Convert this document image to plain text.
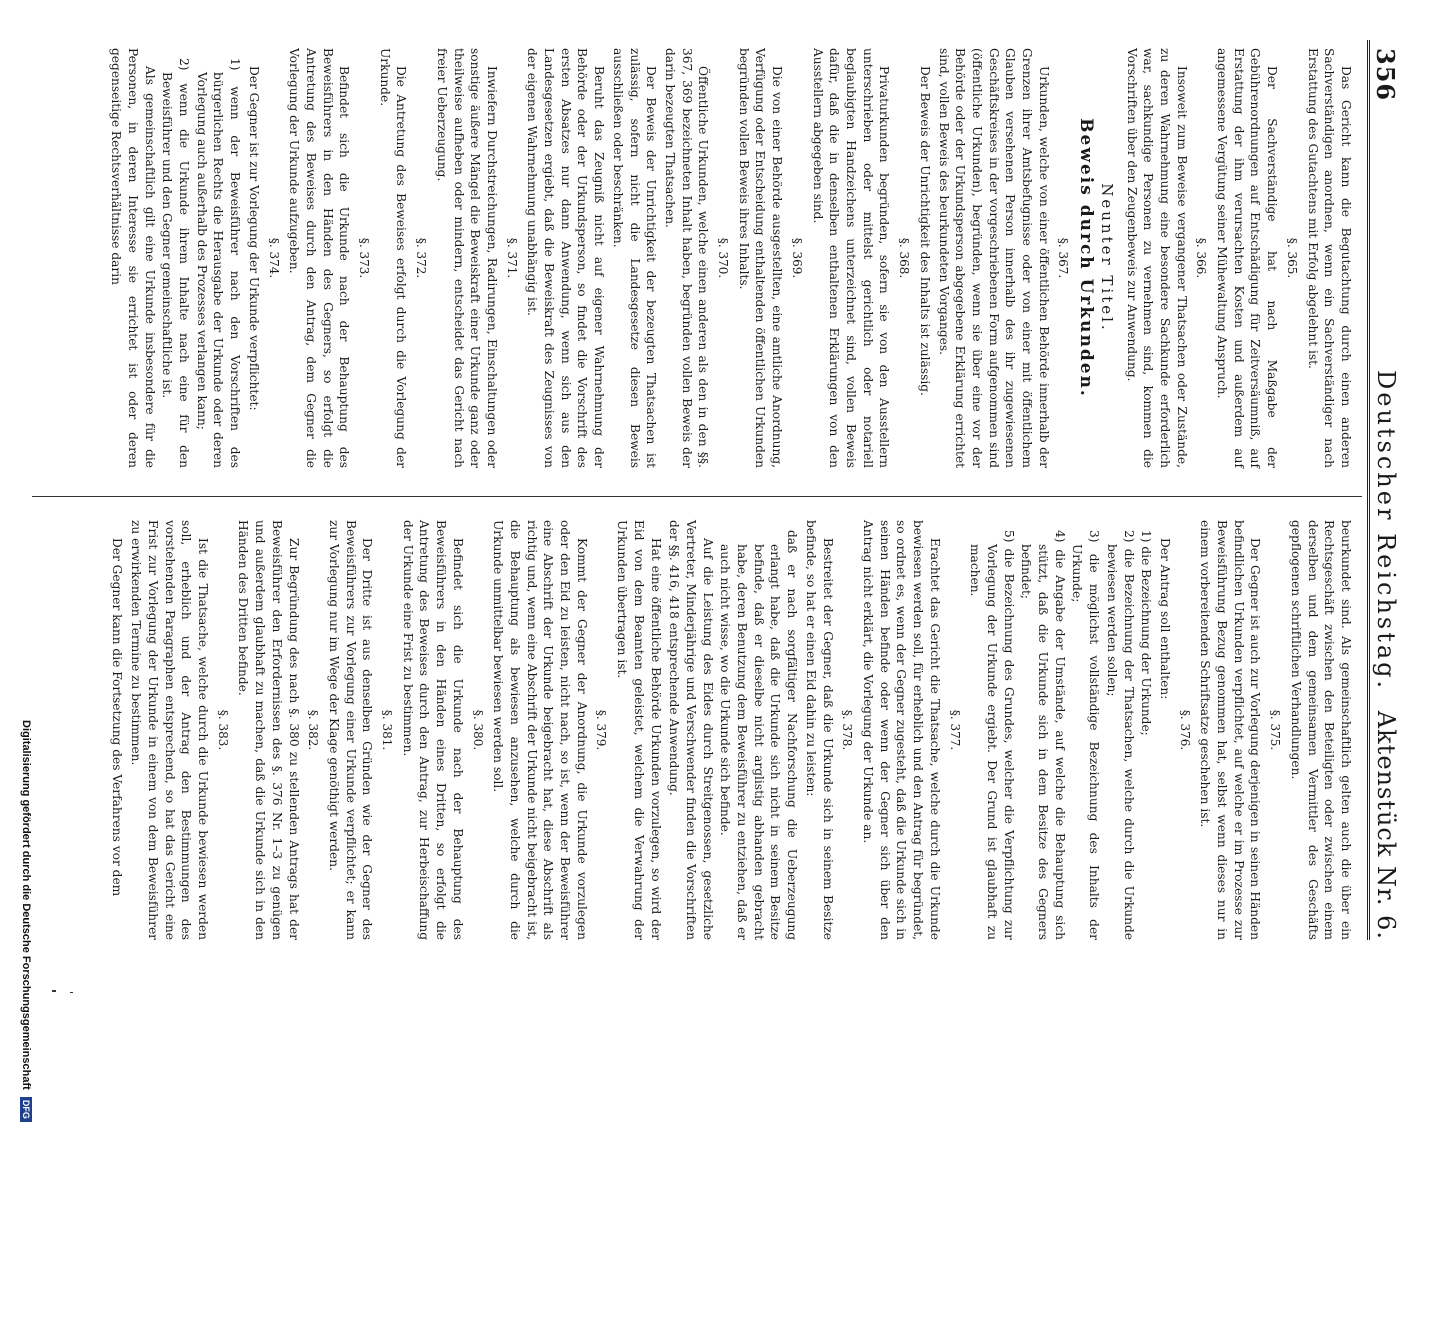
356
Deutscher Reichstag.
Aktenstück Nr. 6.

Das Gericht kann die Begutachtung durch einen anderen Sachverständigen anordnen, wenn ein Sachverständiger nach Erstattung des Gutachtens mit Erfolg abgelehnt ist.

§. 365.

Der Sachverständige hat nach Maßgabe der Gebührenordnungen auf Entschädigung für Zeitversäumniß, auf Erstattung der ihm verursachten Kosten und außerdem auf angemessene Vergütung seiner Mühewaltung Anspruch.

§. 366.

Insoweit zum Beweise vergangener Thatsachen oder Zustände, zu deren Wahrnehmung eine besondere Sachkunde erforderlich war, sachkundige Personen zu vernehmen sind, kommen die Vorschriften über den Zeugenbeweis zur Anwendung.

Neunter Titel.
Beweis durch Urkunden.
§. 367.

Urkunden, welche von einer öffentlichen Behörde innerhalb der Grenzen ihrer Amtsbefugnisse oder von einer mit öffentlichem Glauben versehenen Person innerhalb des ihr zugewiesenen Geschäftskreises in der vorgeschriebenen Form aufgenommen sind (öffentliche Urkunden), begründen, wenn sie über eine vor der Behörde oder der Urkundsperson abgegebene Erklärung errichtet sind, vollen Beweis des beurkundeten Vorganges.

Der Beweis der Unrichtigkeit des Inhalts ist zulässig.

§. 368.

Privaturkunden begründen, sofern sie von den Ausstellern unterschrieben oder mittelst gerichtlich oder notariell beglaubigten Handzeichens unterzeichnet sind, vollen Beweis dafür, daß die in denselben enthaltenen Erklärungen von den Ausstellern abgegeben sind.

§. 369.

Die von einer Behörde ausgestellten, eine amtliche Anordnung, Verfügung oder Entscheidung enthaltenden öffentlichen Urkunden begründen vollen Beweis ihres Inhalts.

§. 370.

Öffentliche Urkunden, welche einen anderen als den in den §§. 367, 369 bezeichneten Inhalt haben, begründen vollen Beweis der darin bezeugten Thatsachen.

Der Beweis der Unrichtigkeit der bezeugten Thatsachen ist zulässig, sofern nicht die Landesgesetze diesen Beweis ausschließen oder beschränken.

Beruht das Zeugniß nicht auf eigener Wahrnehmung der Behörde oder der Urkundsperson, so findet die Vorschrift des ersten Absatzes nur dann Anwendung, wenn sich aus den Landesgesetzen ergiebt, daß die Beweiskraft des Zeugnisses von der eigenen Wahrnehmung unabhängig ist.

§. 371.

Inwiefern Durchstreichungen, Radirungen, Einschaltungen oder sonstige äußere Mängel die Beweiskraft einer Urkunde ganz oder theilweise aufheben oder mindern, entscheidet das Gericht nach freier Ueberzeugung.

§. 372.

Die Antretung des Beweises erfolgt durch die Vorlegung der Urkunde.

§. 373.

Befindet sich die Urkunde nach der Behauptung des Beweisführers in den Händen des Gegners, so erfolgt die Antretung des Beweises durch den Antrag, dem Gegner die Vorlegung der Urkunde aufzugeben.

§. 374.

Der Gegner ist zur Vorlegung der Urkunde verpflichtet:

1) wenn der Beweisführer nach den Vorschriften des bürgerlichen Rechts die Herausgabe der Urkunde oder deren Vorlegung auch außerhalb des Prozesses verlangen kann;

2) wenn die Urkunde ihrem Inhalte nach eine für den Beweisführer und den Gegner gemeinschaftliche ist.

Als gemeinschaftlich gilt eine Urkunde insbesondere für die Personen, in deren Interesse sie errichtet ist oder deren gegenseitige Rechtsverhältnisse darin

beurkundet sind. Als gemeinschaftlich gelten auch die über ein Rechtsgeschäft zwischen den Beteiligten oder zwischen einem derselben und dem gemeinsamen Vermittler des Geschäfts gepflogenen schriftlichen Verhandlungen.

§. 375.

Der Gegner ist auch zur Vorlegung derjenigen in seinen Händen befindlichen Urkunden verpflichtet, auf welche er im Prozesse zur Beweisführung Bezug genommen hat, selbst wenn dieses nur in einem vorbereitenden Schriftsatze geschehen ist.

§. 376.

Der Antrag soll enthalten:

1) die Bezeichnung der Urkunde;

2) die Bezeichnung der Thatsachen, welche durch die Urkunde bewiesen werden sollen;

3) die möglichst vollständige Bezeichnung des Inhalts der Urkunde;

4) die Angabe der Umstände, auf welche die Behauptung sich stützt, daß die Urkunde sich in dem Besitze des Gegners befindet;

5) die Bezeichnung des Grundes, welcher die Verpflichtung zur Vorlegung der Urkunde ergiebt. Der Grund ist glaubhaft zu machen.

§. 377.

Erachtet das Gericht die Thatsache, welche durch die Urkunde bewiesen werden soll, für erheblich und den Antrag für begründet, so ordnet es, wenn der Gegner zugesteht, daß die Urkunde sich in seinen Händen befinde oder wenn der Gegner sich über den Antrag nicht erklärt, die Vorlegung der Urkunde an.

§. 378.

Bestreitet der Gegner, daß die Urkunde sich in seinem Besitze befinde, so hat er einen Eid dahin zu leisten:

daß er nach sorgfältiger Nachforschung die Ueberzeugung erlangt habe, daß die Urkunde sich nicht in seinem Besitze befinde, daß er dieselbe nicht arglistig abhanden gebracht habe, deren Benutzung dem Beweisführer zu entziehen, daß er auch nicht wisse, wo die Urkunde sich befinde.

Auf die Leistung des Eides durch Streitgenossen, gesetzliche Vertreter, Minderjährige und Verschwender finden die Vorschriften der §§. 416, 418 entsprechende Anwendung.

Hat eine öffentliche Behörde Urkunden vorzulegen, so wird der Eid von dem Beamten geleistet, welchem die Verwahrung der Urkunden übertragen ist.

§. 379.

Kommt der Gegner der Anordnung, die Urkunde vorzulegen oder den Eid zu leisten, nicht nach, so ist, wenn der Beweisführer eine Abschrift der Urkunde beigebracht hat, diese Abschrift als richtig und, wenn eine Abschrift der Urkunde nicht beigebracht ist, die Behauptung als bewiesen anzusehen, welche durch die Urkunde unmittelbar bewiesen werden soll.

§. 380.

Befindet sich die Urkunde nach der Behauptung des Beweisführers in den Händen eines Dritten, so erfolgt die Antretung des Beweises durch den Antrag, zur Herbeischaffung der Urkunde eine Frist zu bestimmen.

§. 381.

Der Dritte ist aus denselben Gründen wie der Gegner des Beweisführers zur Vorlegung einer Urkunde verpflichtet; er kann zur Vorlegung nur im Wege der Klage genöthigt werden.

§. 382.

Zur Begründung des nach §. 380 zu stellenden Antrags hat der Beweisführer den Erfordernissen des §. 376 Nr. 1–3 zu genügen und außerdem glaubhaft zu machen, daß die Urkunde sich in den Händen des Dritten befinde.

§. 383.

Ist die Thatsache, welche durch die Urkunde bewiesen werden soll, erheblich und der Antrag den Bestimmungen des vorstehenden Paragraphen entsprechend, so hat das Gericht eine Frist zur Vorlegung der Urkunde in einem von dem Beweisführer zu erwirkenden Termine zu bestimmen.

Der Gegner kann die Fortsetzung des Verfahrens vor dem

Digitalisierung gefördert durch die Deutsche Forschungsgemeinschaft DFG
